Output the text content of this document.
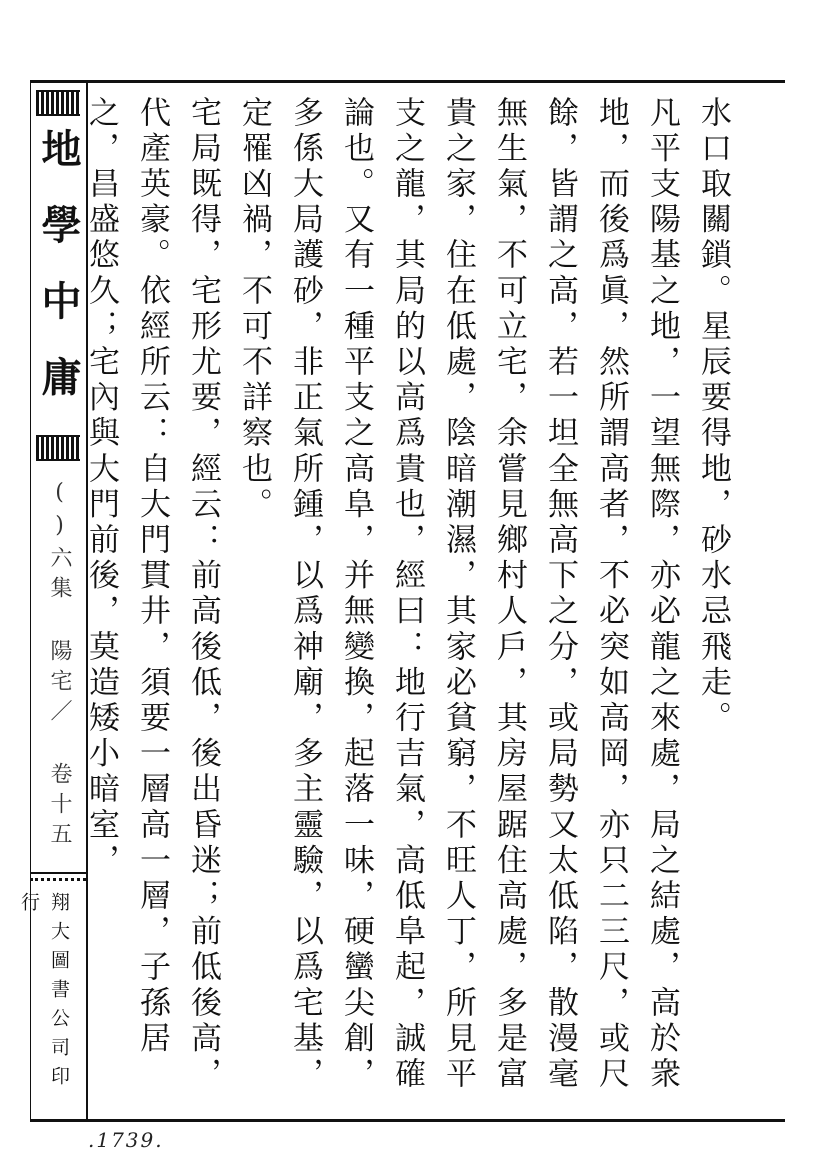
地學中庸
()六集 陽宅／ 卷十五
翔大圖書公司印行

水口取關鎖。星辰要得地，砂水忌飛走。

凡平支陽基之地，一望無際，亦必龍之來處，局之結處，高於衆地，而後爲眞，然所謂高者，不必突如高岡，亦只二三尺，或尺餘，皆謂之高，若一坦全無高下之分，或局勢又太低陷，散漫毫無生氣，不可立宅，余嘗見鄉村人戶，其房屋踞住高處，多是富貴之家，住在低處，陰暗潮濕，其家必貧窮，不旺人丁，所見平支之龍，其局的以高爲貴也，經曰：地行吉氣，高低阜起，誠確論也。又有一種平支之高阜，并無變換，起落一味，硬蠻尖創，多係大局護砂，非正氣所鍾，以爲神廟，多主靈驗，以爲宅基，定罹凶禍，不可不詳察也。

宅局既得，宅形尤要，經云：前高後低，後出昏迷；前低後高，代產英豪。依經所云：自大門貫井，須要一層高一層，子孫居之，昌盛悠久；宅內與大門前後，莫造矮小暗室，

.1739.
